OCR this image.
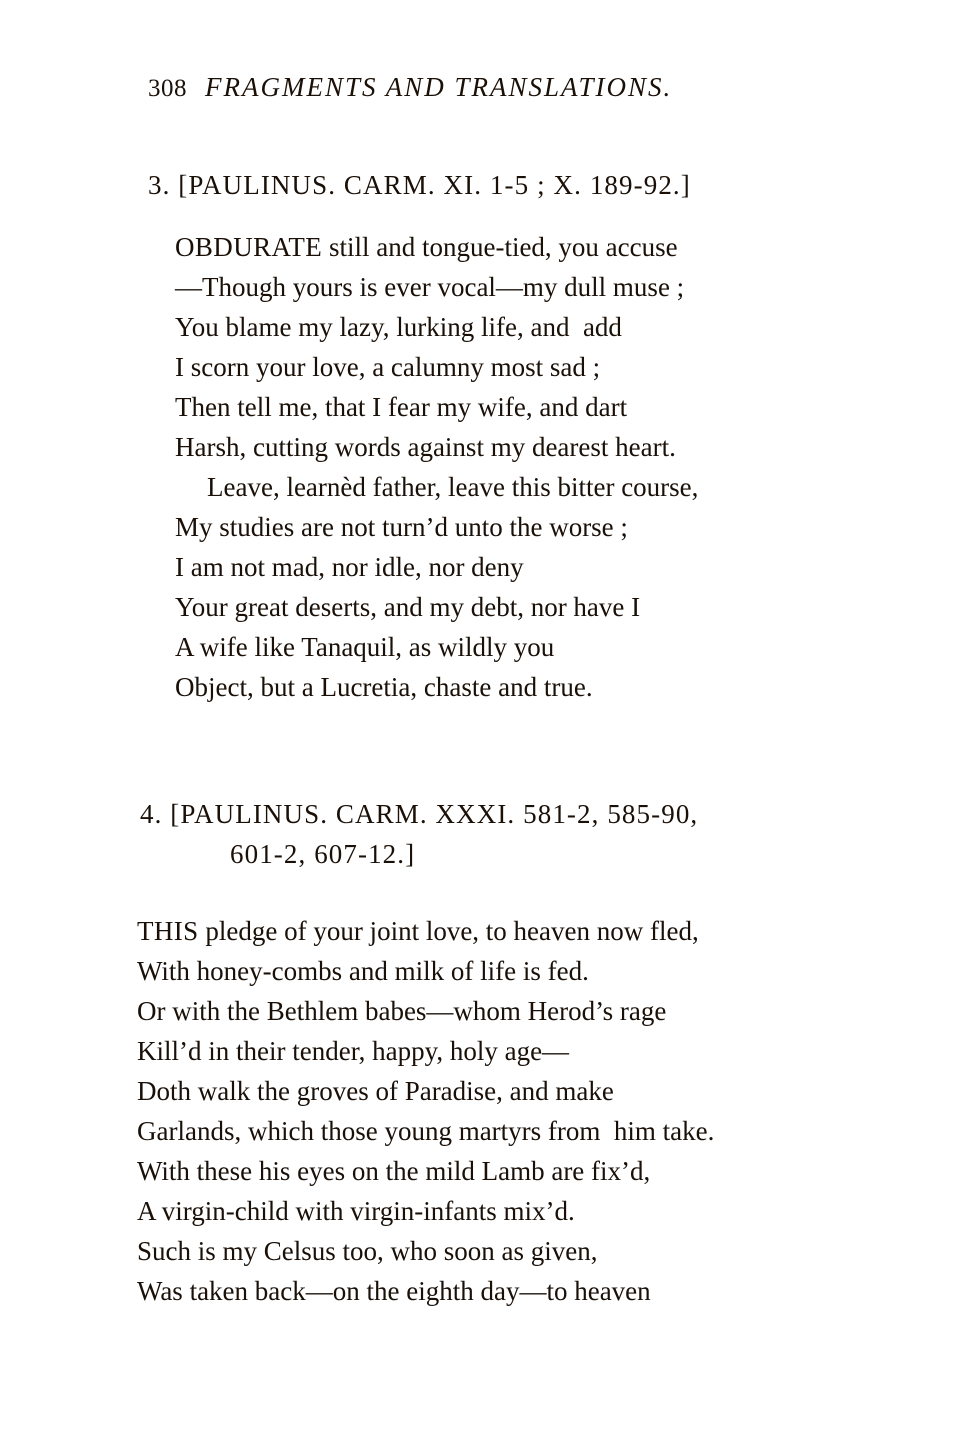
308 FRAGMENTS AND TRANSLATIONS.
3. [PAULINUS. CARM. XI. 1-5 ; X. 189-92.]
OBDURATE still and tongue-tied, you accuse
—Though yours is ever vocal—my dull muse ;
You blame my lazy, lurking life, and  add
I scorn your love, a calumny most sad ;
Then tell me, that I fear my wife, and dart
Harsh, cutting words against my dearest heart.
Leave, learnèd father, leave this bitter course,
My studies are not turn’d unto the worse ;
I am not mad, nor idle, nor deny
Your great deserts, and my debt, nor have I
A wife like Tanaquil, as wildly you
Object, but a Lucretia, chaste and true.
4. [PAULINUS. CARM. XXXI. 581-2, 585-90,
601-2, 607-12.]
THIS pledge of your joint love, to heaven now fled,
With honey-combs and milk of life is fed.
Or with the Bethlem babes—whom Herod’s rage
Kill’d in their tender, happy, holy age—
Doth walk the groves of Paradise, and make
Garlands, which those young martyrs from  him take.
With these his eyes on the mild Lamb are fix’d,
A virgin-child with virgin-infants mix’d.
Such is my Celsus too, who soon as given,
Was taken back—on the eighth day—to heaven
